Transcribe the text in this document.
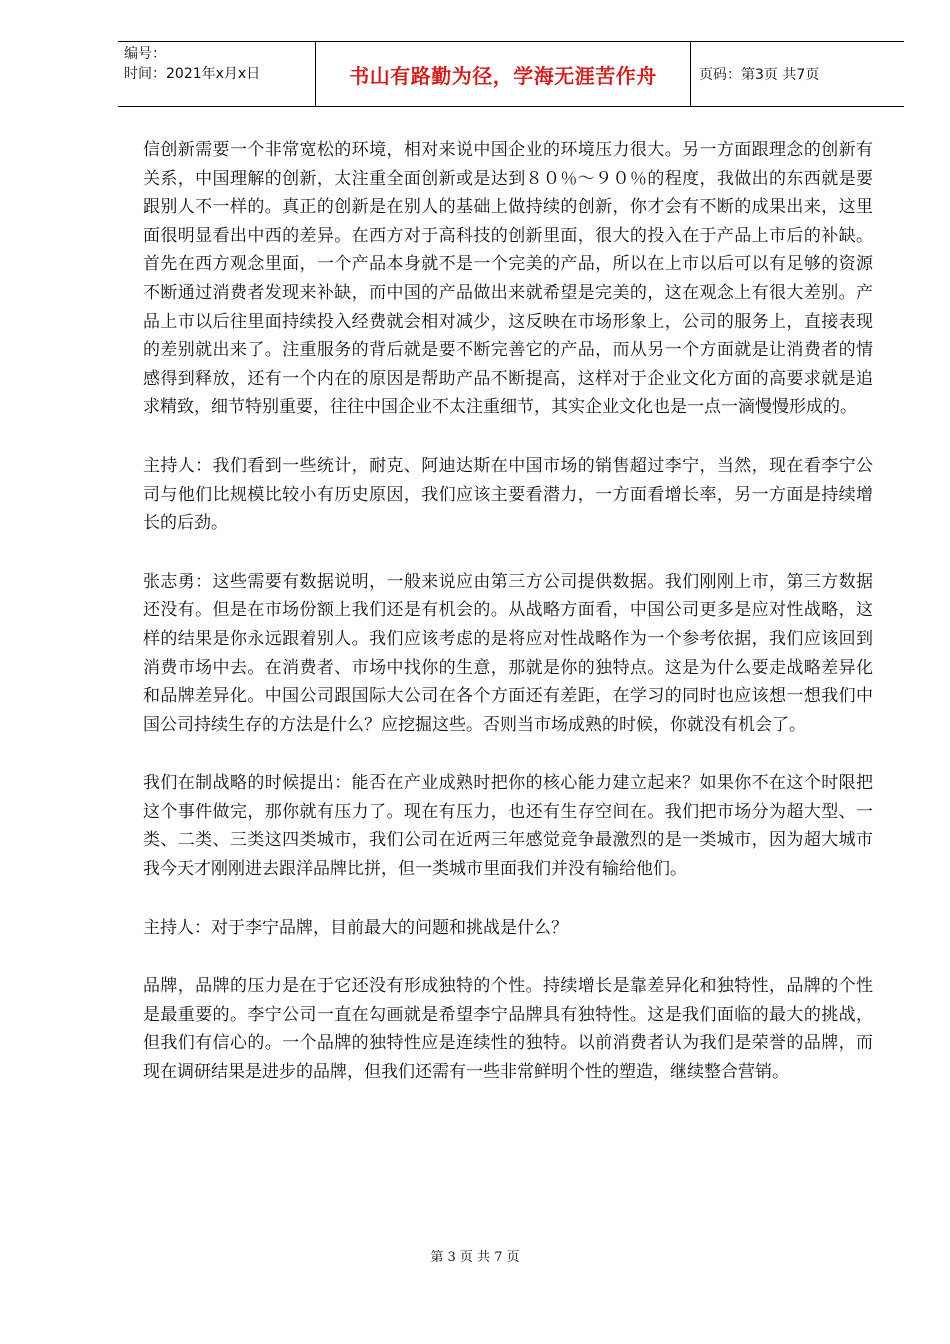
编号：
时间：2021年x月x日	书山有路勤为径，学海无涯苦作舟	页码：第3页 共7页

信创新需要一个非常宽松的环境，相对来说中国企业的环境压力很大。另一方面跟理念的创新有关系，中国理解的创新，太注重全面创新或是达到８０％～９０％的程度，我做出的东西就是要跟别人不一样的。真正的创新是在别人的基础上做持续的创新，你才会有不断的成果出来，这里面很明显看出中西的差异。在西方对于高科技的创新里面，很大的投入在于产品上市后的补缺。首先在西方观念里面，一个产品本身就不是一个完美的产品，所以在上市以后可以有足够的资源不断通过消费者发现来补缺，而中国的产品做出来就希望是完美的，这在观念上有很大差别。产品上市以后往里面持续投入经费就会相对减少，这反映在市场形象上，公司的服务上，直接表现的差别就出来了。注重服务的背后就是要不断完善它的产品，而从另一个方面就是让消费者的情感得到释放，还有一个内在的原因是帮助产品不断提高，这样对于企业文化方面的高要求就是追求精致，细节特别重要，往往中国企业不太注重细节，其实企业文化也是一点一滴慢慢形成的。

主持人：我们看到一些统计，耐克、阿迪达斯在中国市场的销售超过李宁，当然，现在看李宁公司与他们比规模比较小有历史原因，我们应该主要看潜力，一方面看增长率，另一方面是持续增长的后劲。

张志勇：这些需要有数据说明，一般来说应由第三方公司提供数据。我们刚刚上市，第三方数据还没有。但是在市场份额上我们还是有机会的。从战略方面看，中国公司更多是应对性战略，这样的结果是你永远跟着别人。我们应该考虑的是将应对性战略作为一个参考依据，我们应该回到消费市场中去。在消费者、市场中找你的生意，那就是你的独特点。这是为什么要走战略差异化和品牌差异化。中国公司跟国际大公司在各个方面还有差距，在学习的同时也应该想一想我们中国公司持续生存的方法是什么？应挖掘这些。否则当市场成熟的时候，你就没有机会了。

我们在制战略的时候提出：能否在产业成熟时把你的核心能力建立起来？如果你不在这个时限把这个事件做完，那你就有压力了。现在有压力，也还有生存空间在。我们把市场分为超大型、一类、二类、三类这四类城市，我们公司在近两三年感觉竞争最激烈的是一类城市，因为超大城市我今天才刚刚进去跟洋品牌比拼，但一类城市里面我们并没有输给他们。

主持人：对于李宁品牌，目前最大的问题和挑战是什么？

品牌，品牌的压力是在于它还没有形成独特的个性。持续增长是靠差异化和独特性，品牌的个性是最重要的。李宁公司一直在勾画就是希望李宁品牌具有独特性。这是我们面临的最大的挑战，但我们有信心的。一个品牌的独特性应是连续性的独特。以前消费者认为我们是荣誉的品牌，而现在调研结果是进步的品牌，但我们还需有一些非常鲜明个性的塑造，继续整合营销。

第 3 页 共 7 页
